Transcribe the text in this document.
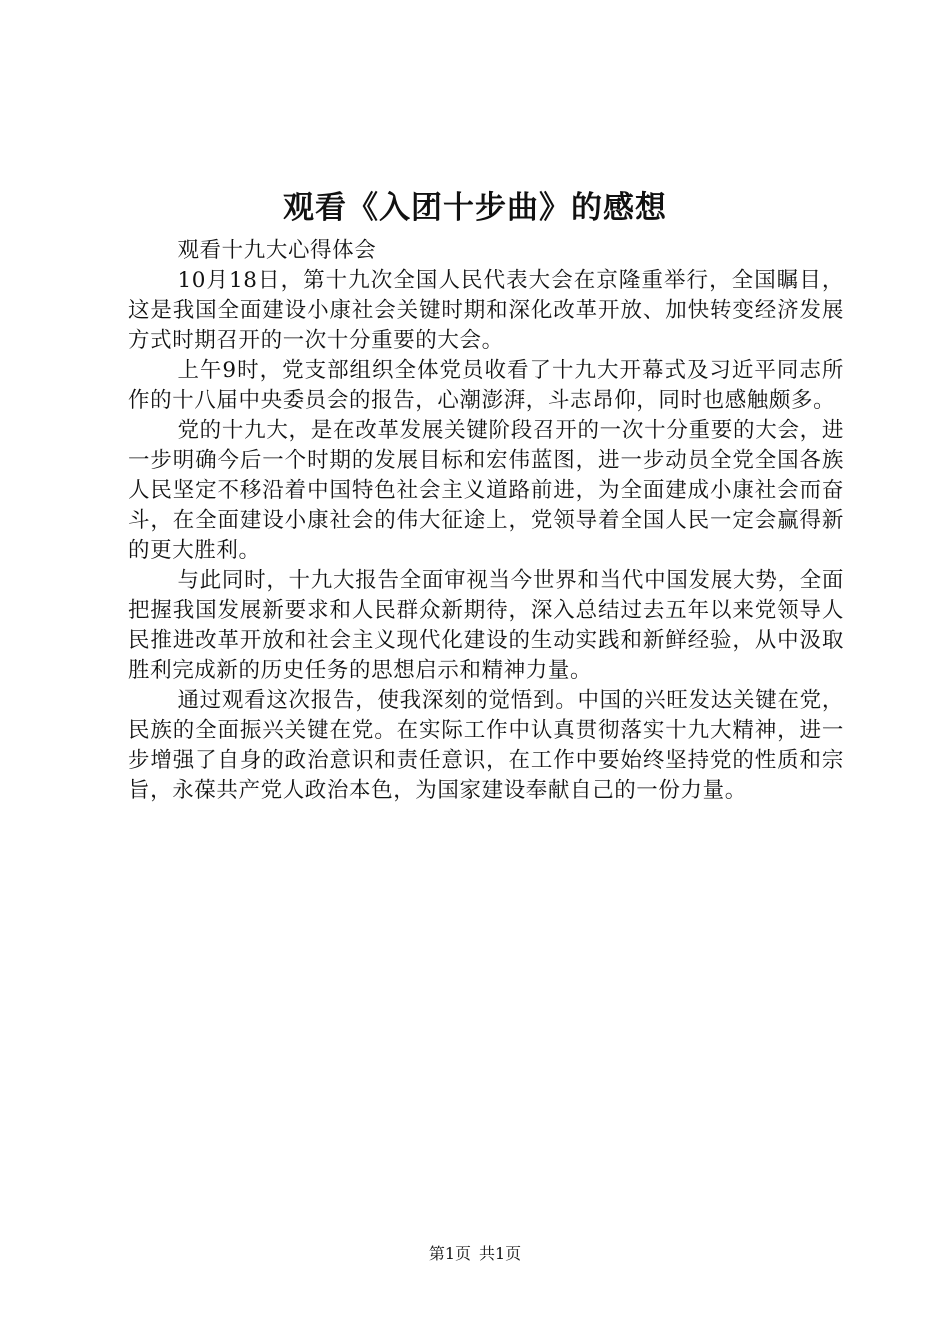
观看《入团十步曲》的感想

观看十九大心得体会

10月18日，第十九次全国人民代表大会在京隆重举行，全国瞩目，这是我国全面建设小康社会关键时期和深化改革开放、加快转变经济发展方式时期召开的一次十分重要的大会。

上午9时，党支部组织全体党员收看了十九大开幕式及习近平同志所作的十八届中央委员会的报告，心潮澎湃，斗志昂仰，同时也感触颇多。

党的十九大，是在改革发展关键阶段召开的一次十分重要的大会，进一步明确今后一个时期的发展目标和宏伟蓝图，进一步动员全党全国各族人民坚定不移沿着中国特色社会主义道路前进，为全面建成小康社会而奋斗，在全面建设小康社会的伟大征途上，党领导着全国人民一定会赢得新的更大胜利。

与此同时，十九大报告全面审视当今世界和当代中国发展大势，全面把握我国发展新要求和人民群众新期待，深入总结过去五年以来党领导人民推进改革开放和社会主义现代化建设的生动实践和新鲜经验，从中汲取胜利完成新的历史任务的思想启示和精神力量。

通过观看这次报告，使我深刻的觉悟到。中国的兴旺发达关键在党，民族的全面振兴关键在党。在实际工作中认真贯彻落实十九大精神，进一步增强了自身的政治意识和责任意识，在工作中要始终坚持党的性质和宗旨，永葆共产党人政治本色，为国家建设奉献自己的一份力量。

第1页 共1页
